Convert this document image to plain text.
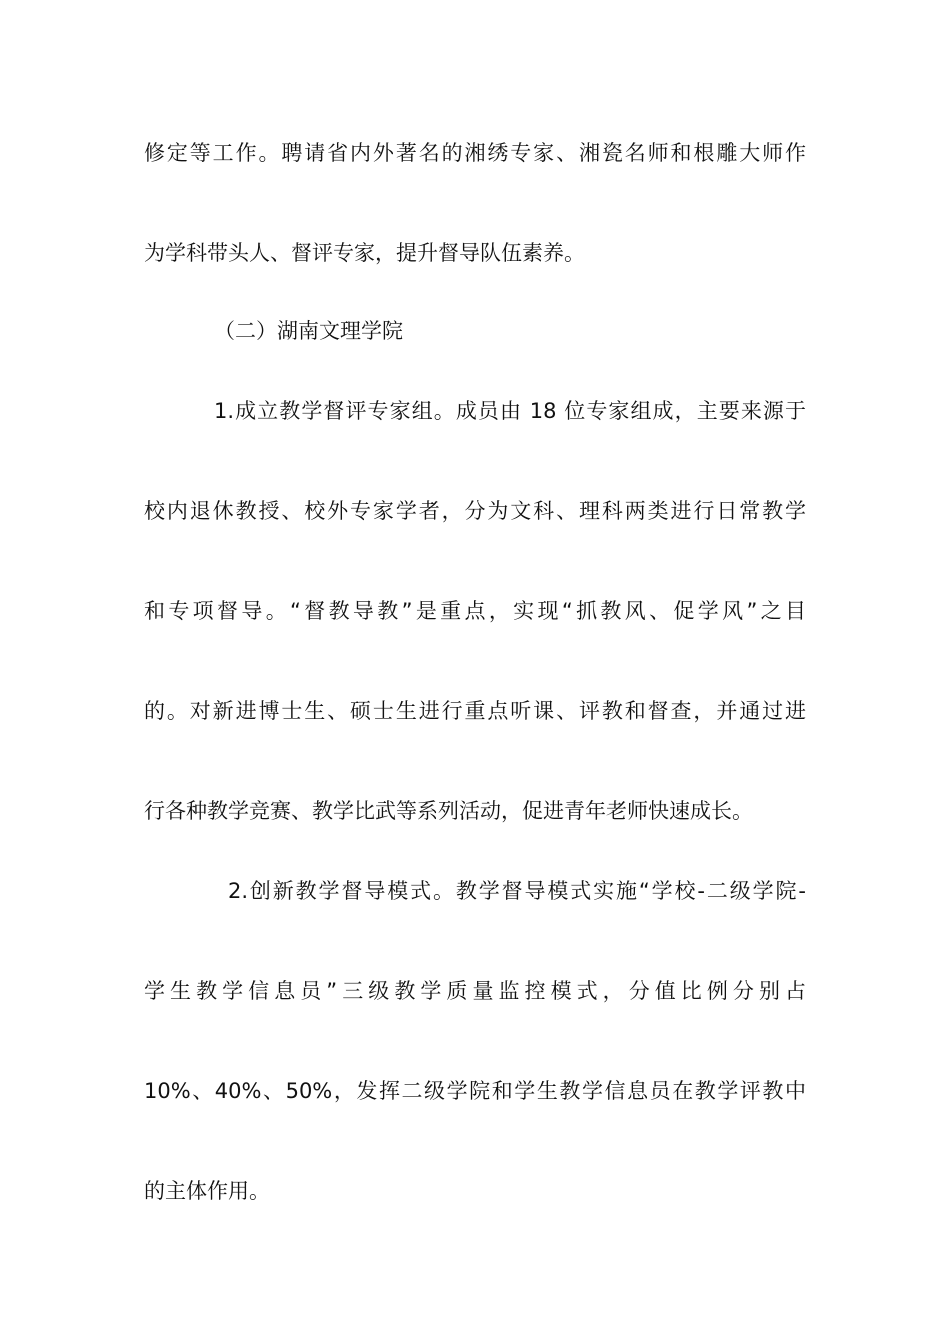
修定等工作。聘请省内外著名的湘绣专家、湘瓷名师和根雕大师作
为学科带头人、督评专家，提升督导队伍素养。
（二）湖南文理学院
1.成立教学督评专家组。成员由 18 位专家组成，主要来源于
校内退休教授、校外专家学者，分为文科、理科两类进行日常教学
和专项督导。“督教导教”是重点，实现“抓教风、促学风”之目
的。对新进博士生、硕士生进行重点听课、评教和督查，并通过进
行各种教学竞赛、教学比武等系列活动，促进青年老师快速成长。
2.创新教学督导模式。教学督导模式实施“学校-二级学院-
学生教学信息员”三级教学质量监控模式，分值比例分别占
10%、40%、50%，发挥二级学院和学生教学信息员在教学评教中
的主体作用。
